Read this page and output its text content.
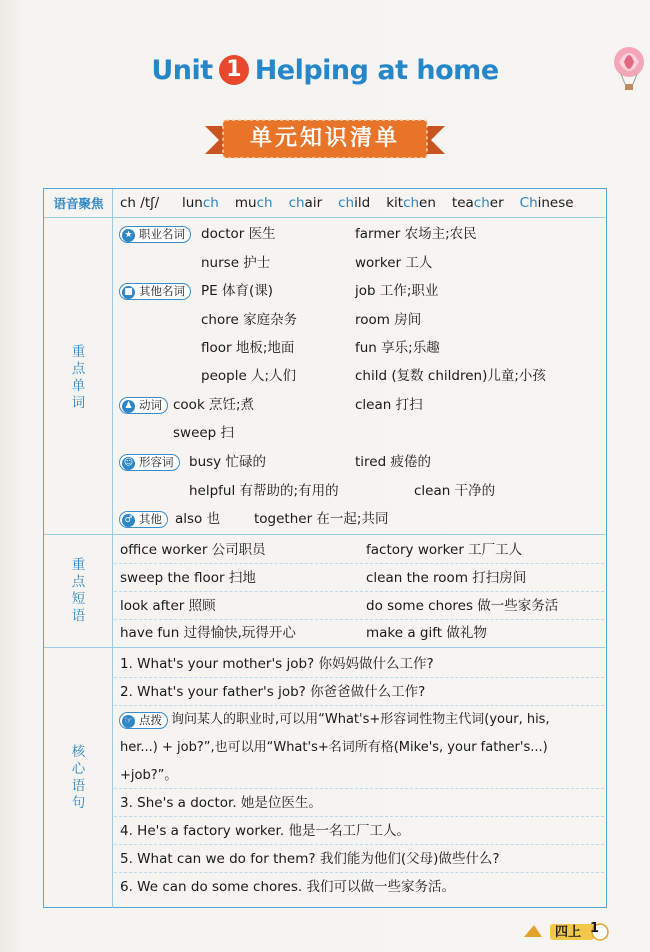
Unit 1 Helping at home
单元知识清单
语音聚焦	ch /tʃ/ lunch much chair child kitchen teacher Chinese
重
点
单
词
★ 职业名词	doctor 医生	farmer 农场主;农民
nurse 护士	worker 工人
■ 其他名词	PE 体育(课)	job 工作;职业
chore 家庭杂务	room 房间
floor 地板;地面	fun 享乐;乐趣
people 人;人们	child (复数 children)儿童;小孩
♟ 动词 cook 烹饪;煮	clean 打扫
sweep 扫
☺ 形容词	busy 忙碌的	tired 疲倦的
helpful 有帮助的;有用的	clean 干净的
♂ 其他 also 也	together 在一起;共同
重
点
短
语
office worker 公司职员	factory worker 工厂工人
sweep the floor 扫地	clean the room 打扫房间
look after 照顾	do some chores 做一些家务活
have fun 过得愉快,玩得开心	make a gift 做礼物
核
心
语
句
1. What's your mother's job? 你妈妈做什么工作?
2. What's your father's job? 你爸爸做什么工作?
☞ 点拨 询问某人的职业时,可以用“What's+形容词性物主代词(your, his,
her...) + job?”,也可以用“What's+名词所有格(Mike's, your father's...)
+job?”。
3. She's a doctor. 她是位医生。
4. He's a factory worker. 他是一名工厂工人。
5. What can we do for them? 我们能为他们(父母)做些什么?
6. We can do some chores. 我们可以做一些家务活。
四上 1
